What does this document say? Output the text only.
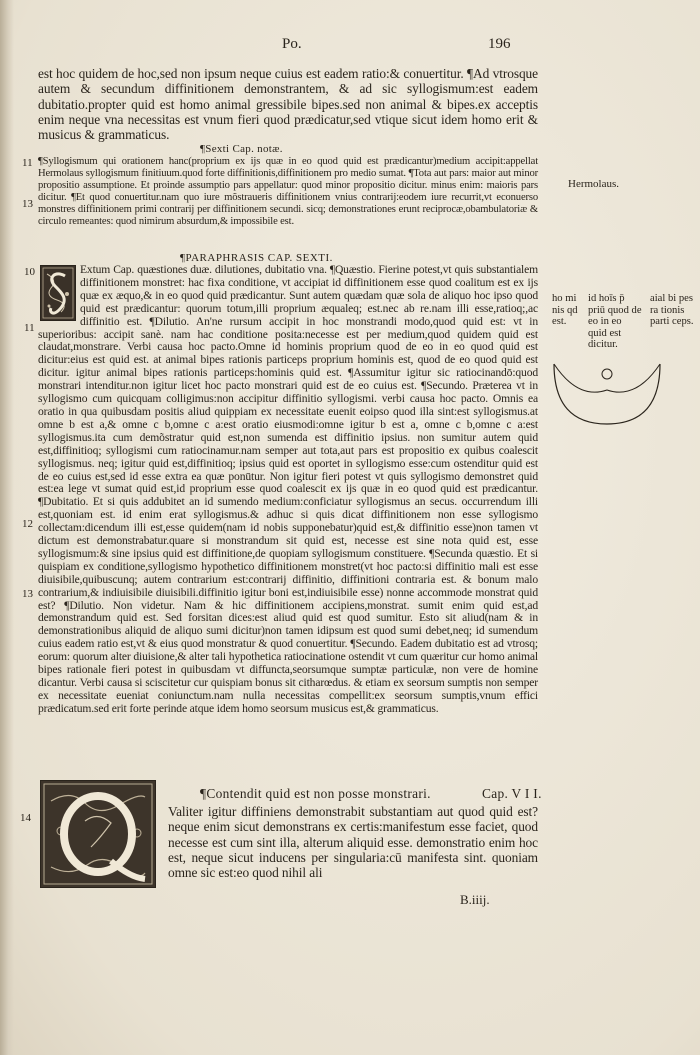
Po.	196

est hoc quidem de hoc,sed non ipsum neque cuius est eadem ratio:& conuertitur. ¶Ad vtrosque autem & secundum diffinitionem demonstrantem, & ad sic syllogismum:est eadem dubitatio.propter quid est homo animal gressibile bipes.sed non animal & bipes.ex acceptis enim neque vna necessitas est vnum fieri quod prædicatur,sed vtique sicut idem homo erit & musicus & grammaticus.

¶Sexti Cap. notæ.
11
13

¶Syllogismum qui orationem hanc(proprium ex ijs quæ in eo quod quid est prædicantur)medium accipit:appellat Hermolaus syllogismum finitiuum.quod forte diffinitionis,diffinitionem pro medio sumat. ¶Tota aut pars: maior aut minor propositio assumptione. Et proinde assumptio pars appellatur: quod minor propositio dicitur. minus enim: maioris pars dicitur. ¶Et quod conuertitur.nam quo iure mõstraueris diffinitionem vnius contrarij:eodem iure recurrit,vt econuerso monstres diffinitionem primi contrarij per diffinitionem secundi. sicq; demonstrationes erunt reciprocæ,obambulatoriæ & circulo remeantes: quod nimirum absurdum,& impossibile est.

¶PARAPHRASIS CAP. SEXTI.
10
11
12
13

Extum Cap. quæstiones duæ. dilutiones, dubitatio vna. ¶Quæstio. Fierine potest,vt quis substantialem diffinitionem monstret: hac fixa conditione, vt accipiat id diffinitionem esse quod coalitum est ex ijs quæ ex æquo,& in eo quod quid prædicantur. Sunt autem quædam quæ sola de aliquo hoc ipso quod quid est prædicantur: quorum totum,illi proprium æqualeq; est.nec ab re.nam illi esse,ratioq;,ac diffinitio est. ¶Dilutio. An'ne rursum accipit in hoc monstrandi modo,quod quid est: vt in superioribus: accipit sanè. nam hac conditione posita:necesse est per medium,quod quidem quid est claudat,monstrare. Verbi causa hoc pacto.Omne id hominis proprium quod de eo in eo quod quid est dicitur:eius est quid est. at animal bipes rationis particeps proprium hominis est, quod de eo quod quid est dicitur. igitur animal bipes rationis particeps:hominis quid est. ¶Assumitur igitur sic ratiocinandō:quod monstrari intenditur.non igitur licet hoc pacto monstrari quid est de eo cuius est. ¶Secundo. Præterea vt in syllogismo cum quicquam colligimus:non accipitur diffinitio syllogismi. verbi causa hoc pacto. Omnis ea oratio in qua quibusdam positis aliud quippiam ex necessitate euenit eoipso quod illa sint:est syllogismus.at omne b est a,& omne c b,omne c a:est oratio eiusmodi:omne igitur b est a, omne c b,omne c a:est syllogismus.ita cum demõstratur quid est,non sumenda est diffinitio ipsius. non sumitur autem quid est,diffinitioq; syllogismi cum ratiocinamur.nam semper aut tota,aut pars est propositio ex quibus coalescit syllogismus. neq; igitur quid est,diffinitioq; ipsius quid est oportet in syllogismo esse:cum ostenditur quid est de eo cuius est,sed id esse extra ea quæ ponūtur. Non igitur fieri potest vt quis syllogismo demonstret quid est:ea lege vt sumat quid est,id proprium esse quod coalescit ex ijs quæ in eo quod quid est prædicantur. ¶Dubitatio. Et si quis addubitet an id sumendo medium:conficiatur syllogismus an secus. occurrendum illi est,quoniam est. id enim erat syllogismus.& adhuc si quis dicat diffinitionem non esse syllogismo collectam:dicendum illi est,esse quidem(nam id nobis supponebatur)quid est,& diffinitio esse)non tamen vt dictum est demonstrabatur.quare si monstrandum sit quid est, necesse est sine nota quid est, esse syllogismum:& sine ipsius quid est diffinitione,de quopiam syllogismum constituere. ¶Secunda quæstio. Et si quispiam ex conditione,syllogismo hypothetico diffinitionem monstret(vt hoc pacto:si diffinitio mali est esse diuisibile,quibuscunq; autem contrarium est:contrarij diffinitio, diffinitioni contraria est. & bonum malo contrarium,& indiuisibile diuisibili.diffinitio igitur boni est,indiuisibile esse) nonne accommode monstrat quid est? ¶Dilutio. Non videtur. Nam & hic diffinitionem accipiens,monstrat. sumit enim quid est,ad demonstrandum quid est. Sed forsitan dices:est aliud quid est quod sumitur. Esto sit aliud(nam & in demonstrationibus aliquid de aliquo sumi dicitur)non tamen idipsum est quod sumi debet,neq; id sumendum cuius eadem ratio est,vt & eius quod monstratur & quod conuertitur. ¶Secundo. Eadem dubitatio est ad vtrosq; eorum: quorum alter diuisione,& alter tali hypothetica ratiocinatione ostendit vt cum quæritur cur homo animal bipes rationale fieri potest in quibusdam vt diffuncta,seorsumque sumptæ particulæ, non vere de homine dicantur. Verbi causa si sciscitetur cur quispiam bonus sit citharœdus. & etiam ex seorsum sumptis non semper ex necessitate eueniat coniunctum.nam nulla necessitas compellit:ex seorsum sumptis,vnum effici prædicatum.sed erit forte perinde atque idem homo seorsum musicus est,& grammaticus.

¶Contendit quid est non posse monstrari.	Cap. V I I.
14	Valiter igitur diffiniens demonstrabit substantiam aut quod quid est? neque enim sicut demonstrans ex certis:manifestum esse faciet, quod necesse est cum sint illa, alterum aliquid esse. demonstratio enim hoc est, neque sicut inducens per singularia:cū manifesta sint. quoniam omne sic est:eo quod nihil ali

B.iiij.
Hermolaus.
ho mi nis qd est.
id hoīs p̄ priū quod de eo in eo quid est dicitur.
aial bi pes ra tionis parti ceps.
